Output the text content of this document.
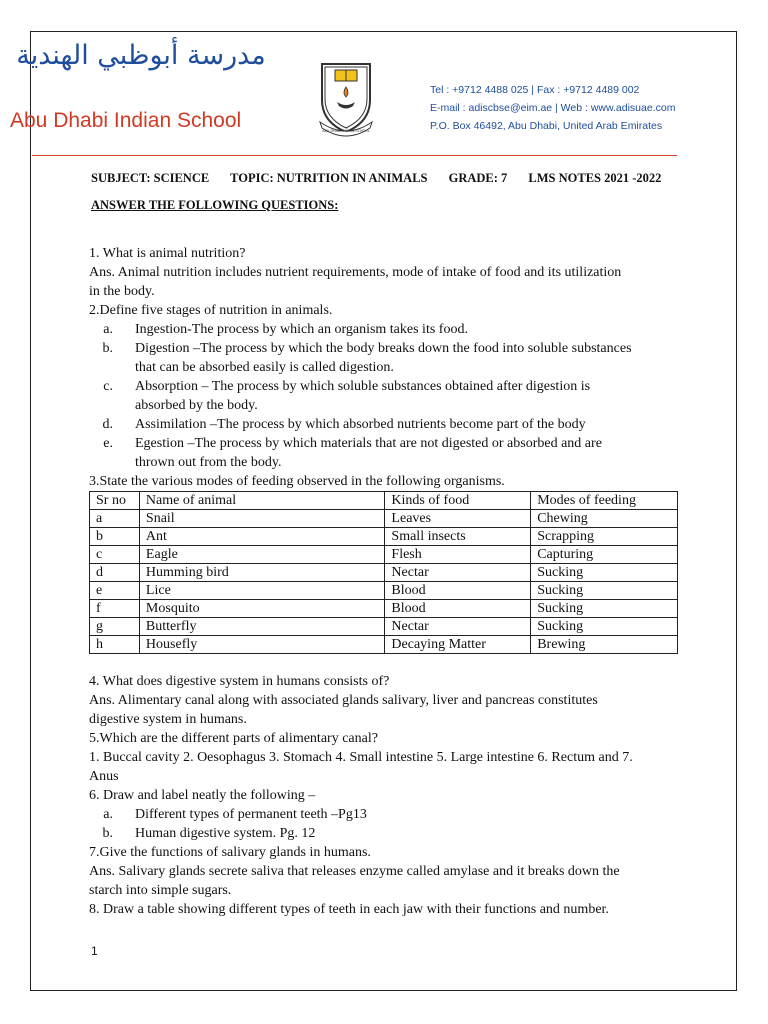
مدرسة أبوظبي الهندية
Abu Dhabi Indian School	ABU DHABI INDIAN SCHOOL
Tel : +9712 4488 025 | Fax : +9712 4489 002
E-mail : adiscbse@eim.ae | Web : www.adisuae.com
P.O. Box 46492, Abu Dhabi, United Arab Emirates
SUBJECT: SCIENCE TOPIC: NUTRITION IN ANIMALS GRADE: 7 LMS NOTES 2021 -2022
ANSWER THE FOLLOWING QUESTIONS:
1. What is animal nutrition?
Ans. Animal nutrition includes nutrient requirements, mode of intake of food and its utilization
in the body.
2.Define five stages of nutrition in animals.
a.	Ingestion-The process by which an organism takes its food.
b.	Digestion –The process by which the body breaks down the food into soluble substances
that can be absorbed easily is called digestion.
c.	Absorption – The process by which soluble substances obtained after digestion is
absorbed by the body.
d.	Assimilation –The process by which absorbed nutrients become part of the body
e.	Egestion –The process by which materials that are not digested or absorbed and are
thrown out from the body.
3.State the various modes of feeding observed in the following organisms.
Sr no	Name of animal	Kinds of food	Modes of feeding
a	Snail	Leaves	Chewing
b	Ant	Small insects	Scrapping
c	Eagle	Flesh	Capturing
d	Humming bird	Nectar	Sucking
e	Lice	Blood	Sucking
f	Mosquito	Blood	Sucking
g	Butterfly	Nectar	Sucking
h	Housefly	Decaying Matter	Brewing
4. What does digestive system in humans consists of?
Ans. Alimentary canal along with associated glands salivary, liver and pancreas constitutes
digestive system in humans.
5.Which are the different parts of alimentary canal?
1. Buccal cavity 2. Oesophagus 3. Stomach 4. Small intestine 5. Large intestine 6. Rectum and 7.
Anus
6. Draw and label neatly the following –
a.	Different types of permanent teeth –Pg13
b.	Human digestive system. Pg. 12
7.Give the functions of salivary glands in humans.
Ans. Salivary glands secrete saliva that releases enzyme called amylase and it breaks down the
starch into simple sugars.
8. Draw a table showing different types of teeth in each jaw with their functions and number.
1
